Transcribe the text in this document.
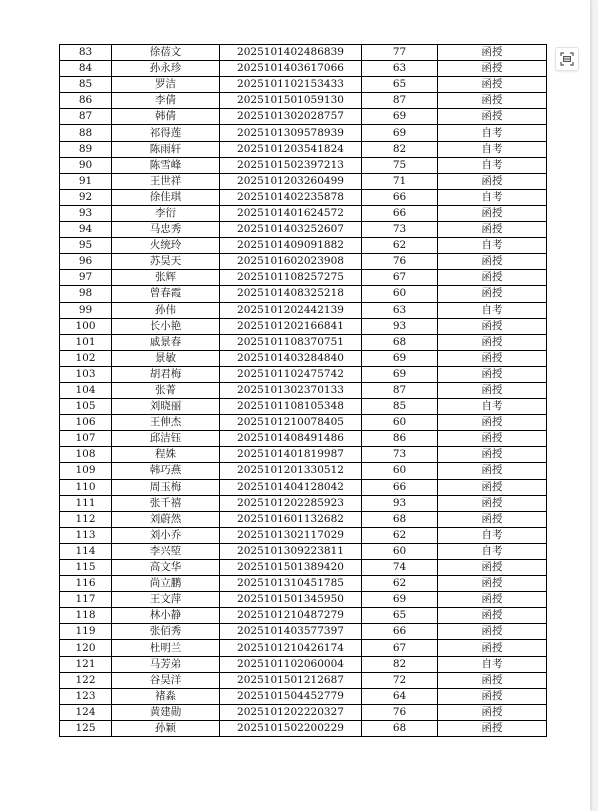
83	徐蓓文	2025101402486839	77	函授
84	孙永珍	2025101403617066	63	函授
85	罗洁	2025101102153433	65	函授
86	李倩	2025101501059130	87	函授
87	韩倩	2025101302028757	69	函授
88	祁得莲	2025101309578939	69	自考
89	陈雨轩	2025101203541824	82	自考
90	陈雪峰	2025101502397213	75	自考
91	王世祥	2025101203260499	71	函授
92	徐佳琪	2025101402235878	66	自考
93	李衍	2025101401624572	66	函授
94	马忠秀	2025101403252607	73	函授
95	火统玲	2025101409091882	62	自考
96	苏昊天	2025101602023908	76	函授
97	张辉	2025101108257275	67	函授
98	曾春霞	2025101408325218	60	函授
99	孙伟	2025101202442139	63	自考
100	长小艳	2025101202166841	93	函授
101	戚景春	2025101108370751	68	函授
102	景敏	2025101403284840	69	函授
103	胡君梅	2025101102475742	69	函授
104	张菁	2025101302370133	87	函授
105	刘晓丽	2025101108105348	85	自考
106	王伸杰	2025101210078405	60	函授
107	邱洁钰	2025101408491486	86	函授
108	程姝	2025101401819987	73	函授
109	韩巧燕	2025101201330512	60	函授
110	周玉梅	2025101404128042	66	函授
111	张千禧	2025101202285923	93	函授
112	刘蔚然	2025101601132682	68	函授
113	刘小乔	2025101302117029	62	自考
114	李兴埅	2025101309223811	60	自考
115	高文华	2025101501389420	74	函授
116	尚立鹏	2025101310451785	62	函授
117	王文萍	2025101501345950	69	函授
118	林小静	2025101210487279	65	函授
119	张佰秀	2025101403577397	66	函授
120	杜明兰	2025101210426174	67	函授
121	马芳弟	2025101102060004	82	自考
122	谷昊洋	2025101501212687	72	函授
123	褚淼	2025101504452779	64	函授
124	黄建勋	2025101202220327	76	函授
125	孙颖	2025101502200229	68	函授
